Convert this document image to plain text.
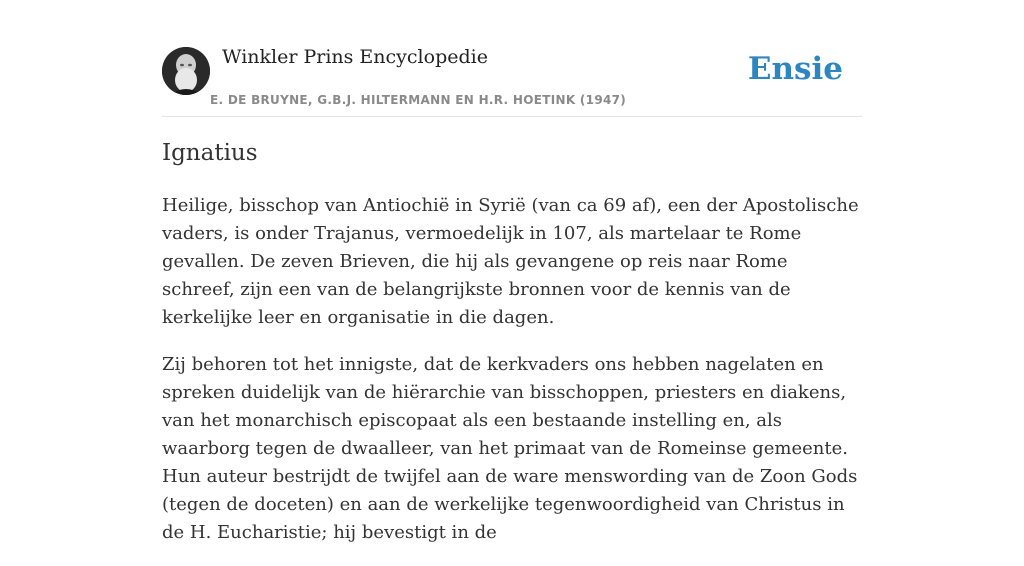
Winkler Prins Encyclopedie
E. DE BRUYNE, G.B.J. HILTERMANN EN H.R. HOETINK (1947)
Ensie
Ignatius

Heilige, bisschop van Antiochië in Syrië (van ca 69 af), een der Apostolische vaders, is onder Trajanus, vermoedelijk in 107, als martelaar te Rome gevallen. De zeven Brieven, die hij als gevangene op reis naar Rome schreef, zijn een van de belangrijkste bronnen voor de kennis van de kerkelijke leer en organisatie in die dagen.

Zij behoren tot het innigste, dat de kerkvaders ons hebben nagelaten en spreken duidelijk van de hiërarchie van bisschoppen, priesters en diakens, van het monarchisch episcopaat als een bestaande instelling en, als waarborg tegen de dwaalleer, van het primaat van de Romeinse gemeente. Hun auteur bestrijdt de twijfel aan de ware menswording van de Zoon Gods (tegen de doceten) en aan de werkelijke tegenwoordigheid van Christus in de H. Eucharistie; hij bevestigt in de
